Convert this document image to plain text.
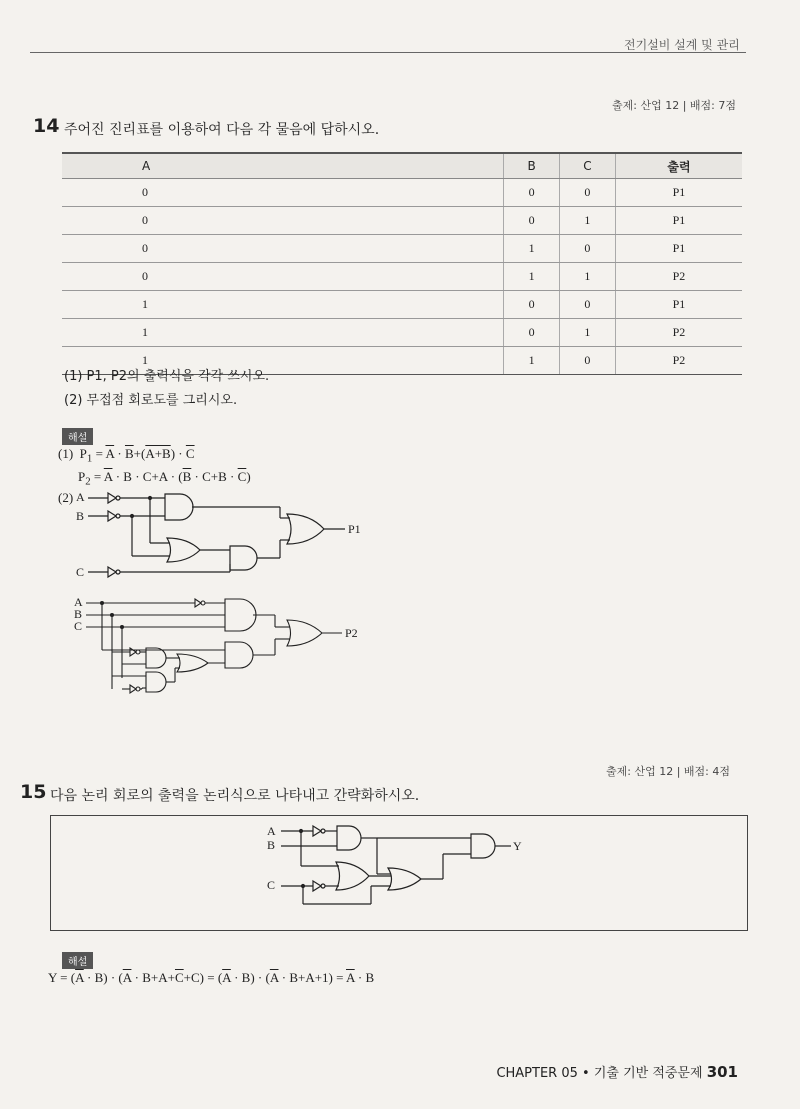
전기설비 설계 및 관리
출제: 산업 12 | 배점: 7점
14 주어진 진리표를 이용하여 다음 각 물음에 답하시오.
A	B	C	출력
0	0	0	P1
0	0	1	P1
0	1	0	P1
0	1	1	P2
1	0	0	P1
1	0	1	P2
1	1	0	P2
(1) P1, P2의 출력식을 각각 쓰시오.
(2) 무접점 회로도를 그리시오.
해설
(1)  $P_1 = \overline{A} \cdot \overline{B}+(A+B) \cdot \overline{C}$
$P_2 = \overline{A} \cdot B \cdot C+A \cdot (\overline{B} \cdot C+B \cdot \overline{C})$
(2) A
B
C
P1
A
B
C	P2
출제: 산업 12 | 배점: 4점
15 다음 논리 회로의 출력을 논리식으로 나타내고 간략화하시오.
A
B
C
Y
해설
$Y = (\overline{A} \cdot B) \cdot (\overline{A} \cdot B+A+\overline{C}+C) = (\overline{A} \cdot B) \cdot (\overline{A} \cdot B+A+1) = \overline{A} \cdot B$
CHAPTER 05 • 기출 기반 적중문제 301
